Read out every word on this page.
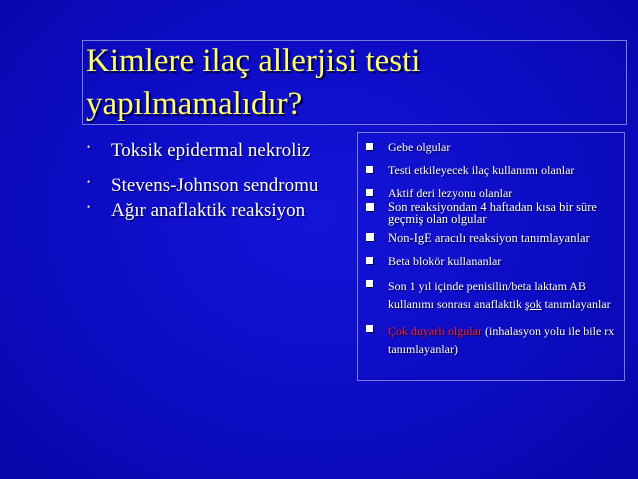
Kimlere ilaç allerjisi testi yapılmamalıdır?
• Toksik epidermal nekroliz
• Stevens-Johnson sendromu
• Ağır anaflaktik reaksiyon
Gebe olgular
Testi etkileyecek ilaç kullanımı olanlar
Aktif deri lezyonu olanlar
Son reaksiyondan 4 haftadan kısa bir süre geçmiş olan olgular
Non-IgE aracılı reaksiyon tanımlayanlar
Beta blokör kullananlar
Son 1 yıl içinde penisilin/beta laktam AB kullanımı sonrası anaflaktik şok tanımlayanlar
Çok duyarlı olgular (inhalasyon yolu ile bile rx tanımlayanlar)
